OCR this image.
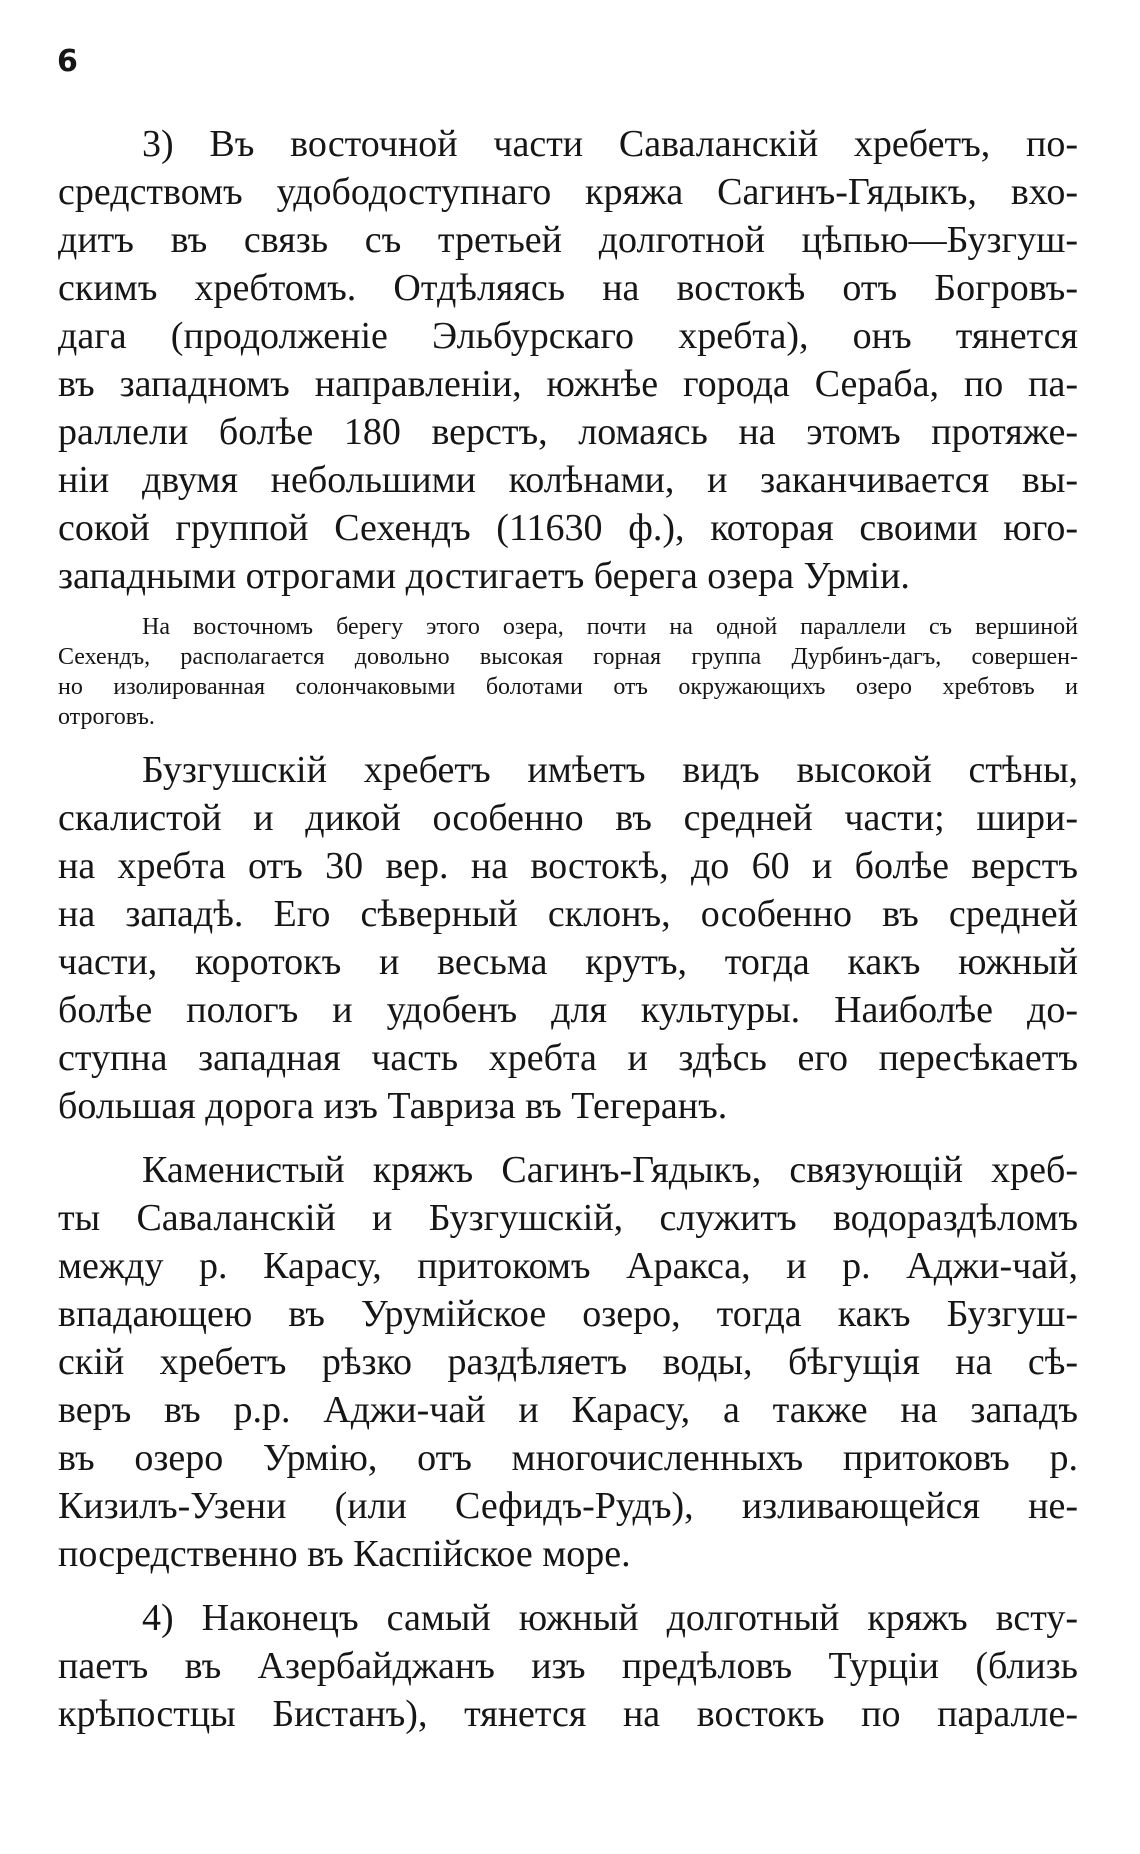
6
3) Въ восточной части Саваланскій хребетъ, по-
средствомъ удободоступнаго кряжа Сагинъ-Гядыкъ, вхо-
дитъ въ связь съ третьей долготной цѣпью—Бузгуш-
скимъ хребтомъ. Отдѣляясь на востокѣ отъ Богровъ-
дага (продолженіе Эльбурскаго хребта), онъ тянется
въ западномъ направленіи, южнѣе города Сераба, по па-
раллели болѣе 180 верстъ, ломаясь на этомъ протяже-
ніи двумя небольшими колѣнами, и заканчивается вы-
сокой группой Сехендъ (11630 ф.), которая своими юго-
западными отрогами достигаетъ берега озера Урміи.
На восточномъ берегу этого озера, почти на одной параллели съ вершиной
Сехендъ, располагается довольно высокая горная группа Дурбинъ-дагъ, совершен-
но изолированная солончаковыми болотами отъ окружающихъ озеро хребтовъ и
отроговъ.
Бузгушскій хребетъ имѣетъ видъ высокой стѣны,
скалистой и дикой особенно въ средней части; шири-
на хребта отъ 30 вер. на востокѣ, до 60 и болѣе верстъ
на западѣ. Его сѣверный склонъ, особенно въ средней
части, коротокъ и весьма крутъ, тогда какъ южный
болѣе пологъ и удобенъ для культуры. Наиболѣе до-
ступна западная часть хребта и здѣсь его пересѣкаетъ
большая дорога изъ Тавриза въ Тегеранъ.
Каменистый кряжъ Сагинъ-Гядыкъ, связующій хреб-
ты Саваланскій и Бузгушскій, служитъ водораздѣломъ
между р. Карасу, притокомъ Аракса, и р. Аджи-чай,
впадающею въ Урумійское озеро, тогда какъ Бузгуш-
скій хребетъ рѣзко раздѣляетъ воды, бѣгущія на сѣ-
веръ въ р.р. Аджи-чай и Карасу, а также на западъ
въ озеро Урмію, отъ многочисленныхъ притоковъ р.
Кизилъ-Узени (или Сефидъ-Рудъ), изливающейся не-
посредственно въ Каспійское море.
4) Наконецъ самый южный долготный кряжъ всту-
паетъ въ Азербайджанъ изъ предѣловъ Турціи (близь
крѣпостцы Бистанъ), тянется на востокъ по паралле-
